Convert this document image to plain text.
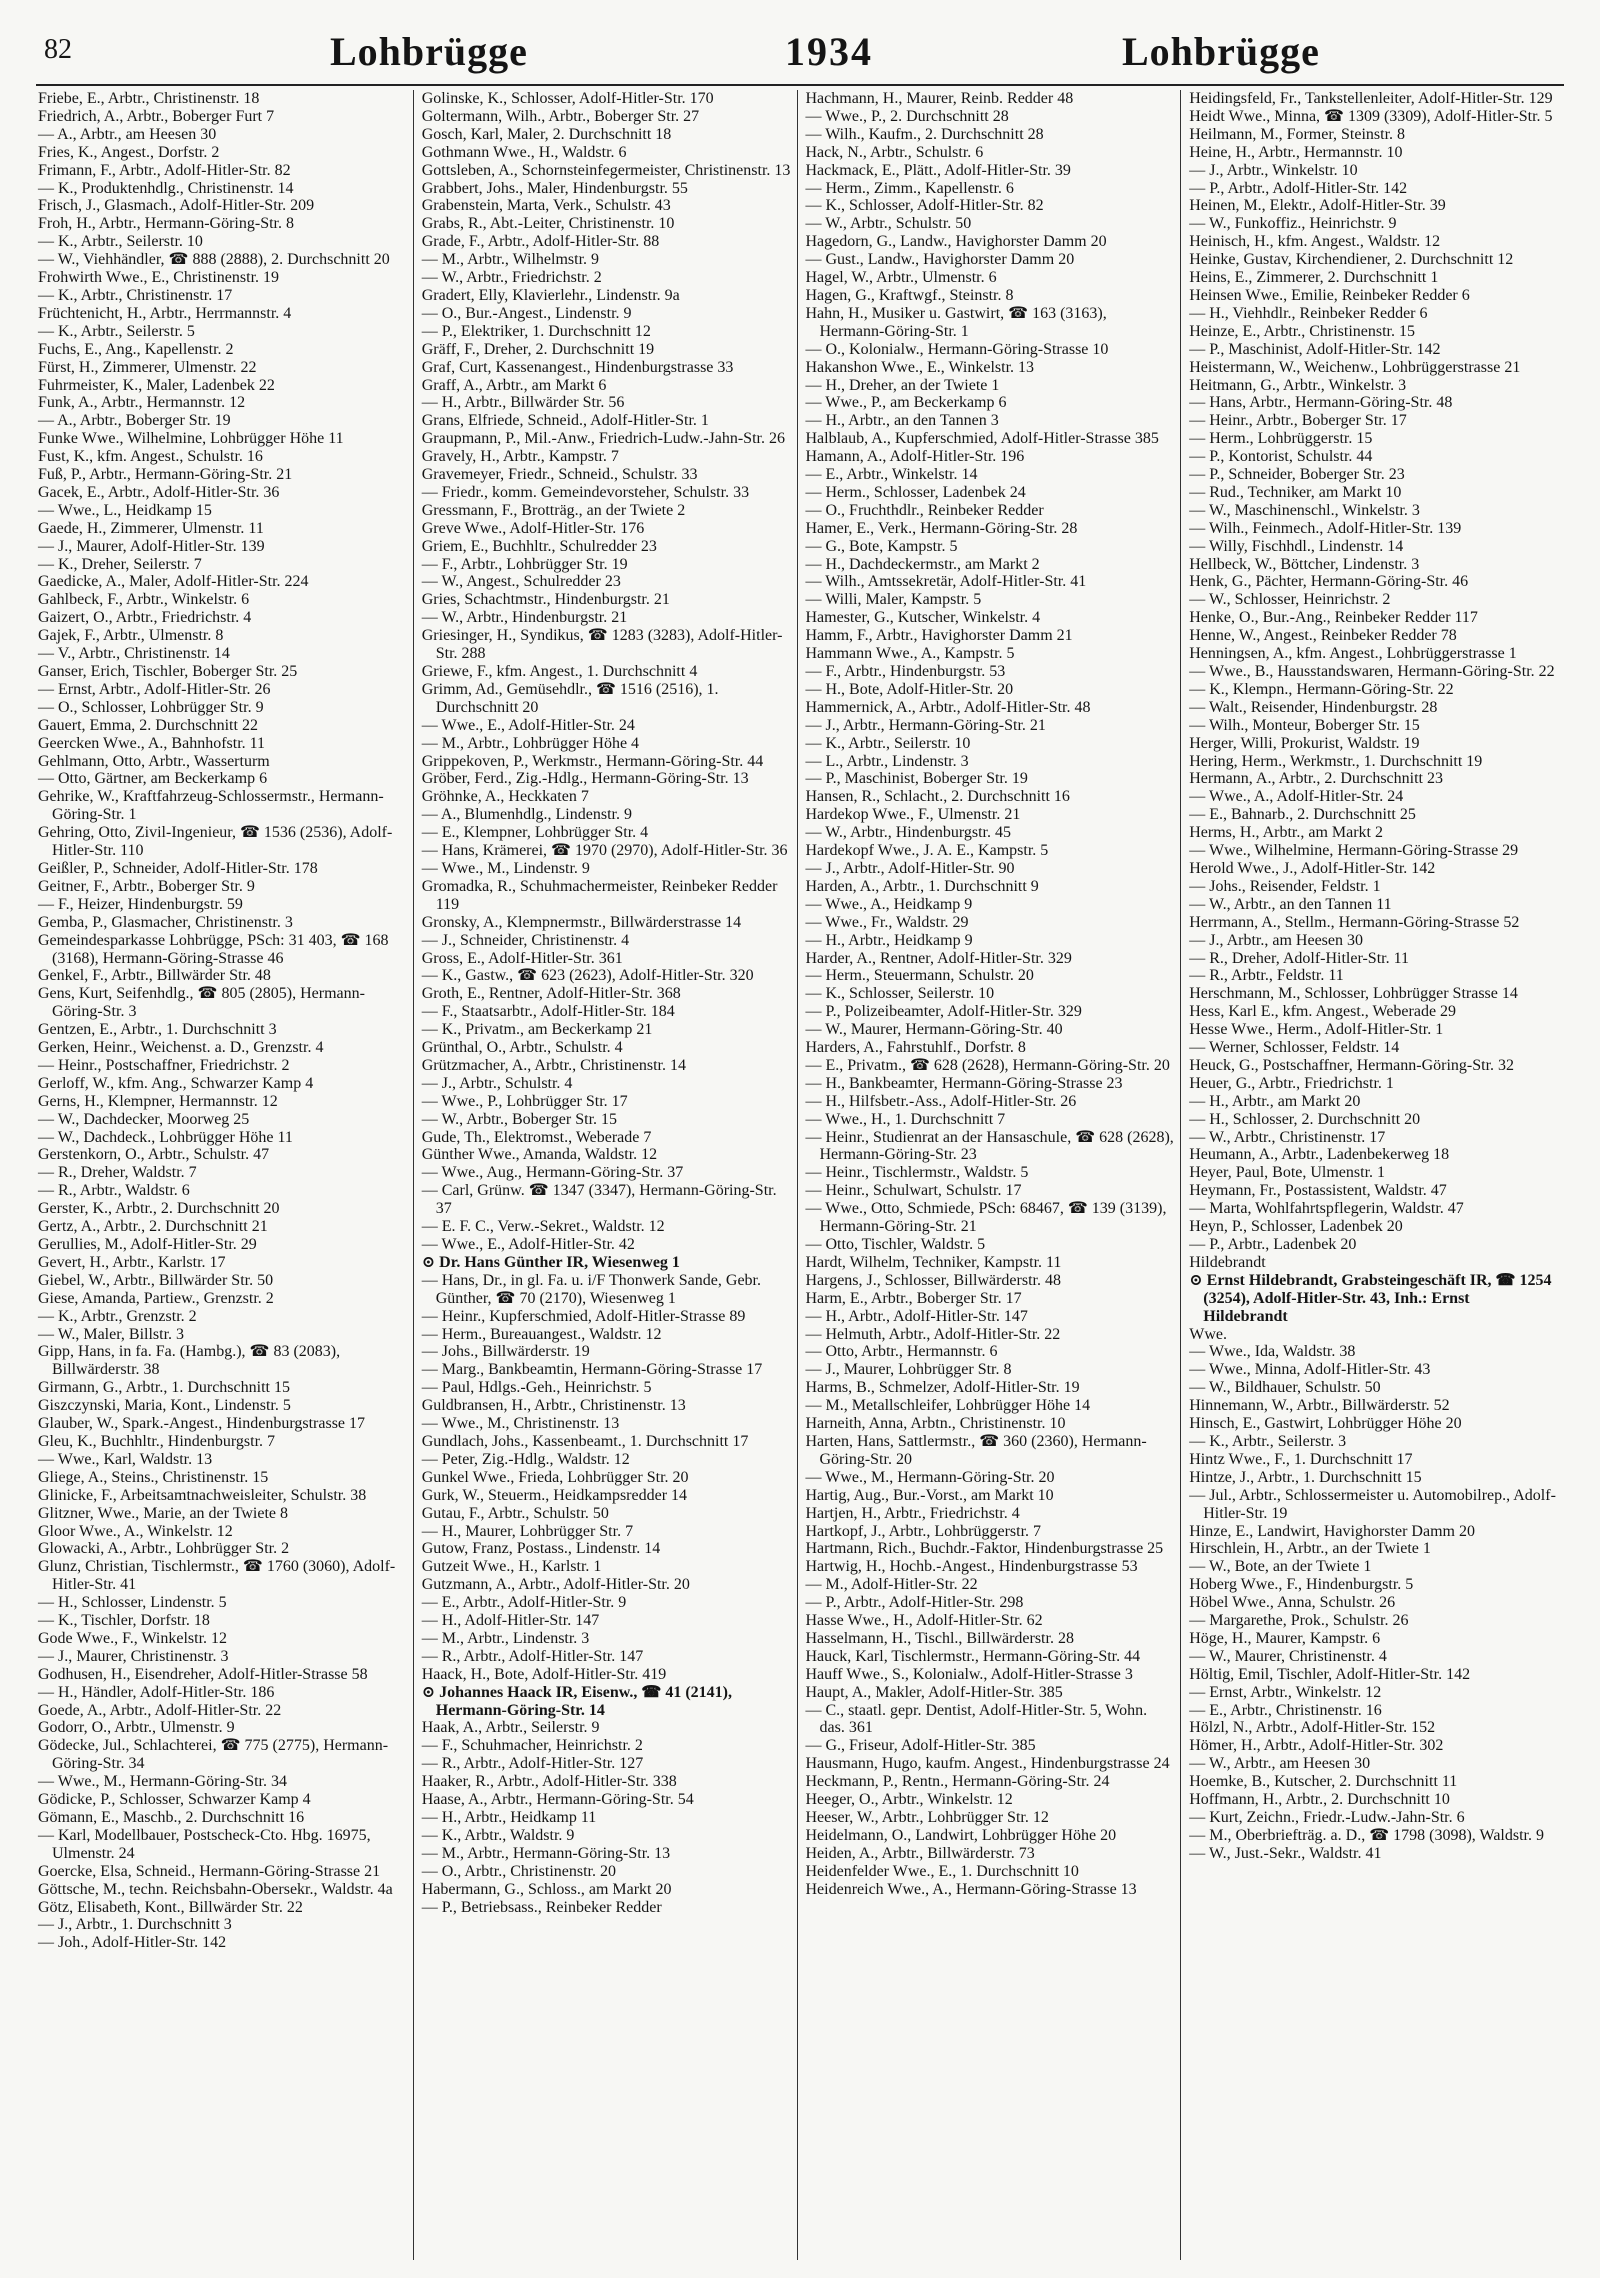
82	Lohbrügge	1934	Lohbrügge

Friebe, E., Arbtr., Christinenstr. 18

Friedrich, A., Arbtr., Boberger Furt 7

— A., Arbtr., am Heesen 30

Fries, K., Angest., Dorfstr. 2

Frimann, F., Arbtr., Adolf-Hitler-Str. 82

— K., Produktenhdlg., Christinenstr. 14

Frisch, J., Glasmach., Adolf-Hitler-Str. 209

Froh, H., Arbtr., Hermann-Göring-Str. 8

— K., Arbtr., Seilerstr. 10

— W., Viehhändler, ☎ 888 (2888), 2. Durchschnitt 20

Frohwirth Wwe., E., Christinenstr. 19

— K., Arbtr., Christinenstr. 17

Früchtenicht, H., Arbtr., Herrmannstr. 4

— K., Arbtr., Seilerstr. 5

Fuchs, E., Ang., Kapellenstr. 2

Fürst, H., Zimmerer, Ulmenstr. 22

Fuhrmeister, K., Maler, Ladenbek 22

Funk, A., Arbtr., Hermannstr. 12

— A., Arbtr., Boberger Str. 19

Funke Wwe., Wilhelmine, Lohbrügger Höhe 11

Fust, K., kfm. Angest., Schulstr. 16

Fuß, P., Arbtr., Hermann-Göring-Str. 21

Gacek, E., Arbtr., Adolf-Hitler-Str. 36

— Wwe., L., Heidkamp 15

Gaede, H., Zimmerer, Ulmenstr. 11

— J., Maurer, Adolf-Hitler-Str. 139

— K., Dreher, Seilerstr. 7

Gaedicke, A., Maler, Adolf-Hitler-Str. 224

Gahlbeck, F., Arbtr., Winkelstr. 6

Gaizert, O., Arbtr., Friedrichstr. 4

Gajek, F., Arbtr., Ulmenstr. 8

— V., Arbtr., Christinenstr. 14

Ganser, Erich, Tischler, Boberger Str. 25

— Ernst, Arbtr., Adolf-Hitler-Str. 26

— O., Schlosser, Lohbrügger Str. 9

Gauert, Emma, 2. Durchschnitt 22

Geercken Wwe., A., Bahnhofstr. 11

Gehlmann, Otto, Arbtr., Wasserturm

— Otto, Gärtner, am Beckerkamp 6

Gehrike, W., Kraftfahrzeug-Schlossermstr., Hermann-Göring-Str. 1

Gehring, Otto, Zivil-Ingenieur, ☎ 1536 (2536), Adolf-Hitler-Str. 110

Geißler, P., Schneider, Adolf-Hitler-Str. 178

Geitner, F., Arbtr., Boberger Str. 9

— F., Heizer, Hindenburgstr. 59

Gemba, P., Glasmacher, Christinenstr. 3

Gemeindesparkasse Lohbrügge, PSch: 31 403, ☎ 168 (3168), Hermann-Göring-Strasse 46

Genkel, F., Arbtr., Billwärder Str. 48

Gens, Kurt, Seifenhdlg., ☎ 805 (2805), Hermann-Göring-Str. 3

Gentzen, E., Arbtr., 1. Durchschnitt 3

Gerken, Heinr., Weichenst. a. D., Grenzstr. 4

— Heinr., Postschaffner, Friedrichstr. 2

Gerloff, W., kfm. Ang., Schwarzer Kamp 4

Gerns, H., Klempner, Hermannstr. 12

— W., Dachdecker, Moorweg 25

— W., Dachdeck., Lohbrügger Höhe 11

Gerstenkorn, O., Arbtr., Schulstr. 47

— R., Dreher, Waldstr. 7

— R., Arbtr., Waldstr. 6

Gerster, K., Arbtr., 2. Durchschnitt 20

Gertz, A., Arbtr., 2. Durchschnitt 21

Gerullies, M., Adolf-Hitler-Str. 29

Gevert, H., Arbtr., Karlstr. 17

Giebel, W., Arbtr., Billwärder Str. 50

Giese, Amanda, Partiew., Grenzstr. 2

— K., Arbtr., Grenzstr. 2

— W., Maler, Billstr. 3

Gipp, Hans, in fa. Fa. (Hambg.), ☎ 83 (2083), Billwärderstr. 38

Girmann, G., Arbtr., 1. Durchschnitt 15

Giszczynski, Maria, Kont., Lindenstr. 5

Glauber, W., Spark.-Angest., Hindenburgstrasse 17

Gleu, K., Buchhltr., Hindenburgstr. 7

— Wwe., Karl, Waldstr. 13

Gliege, A., Steins., Christinenstr. 15

Glinicke, F., Arbeitsamtnachweisleiter, Schulstr. 38

Glitzner, Wwe., Marie, an der Twiete 8

Gloor Wwe., A., Winkelstr. 12

Glowacki, A., Arbtr., Lohbrügger Str. 2

Glunz, Christian, Tischlermstr., ☎ 1760 (3060), Adolf-Hitler-Str. 41

— H., Schlosser, Lindenstr. 5

— K., Tischler, Dorfstr. 18

Gode Wwe., F., Winkelstr. 12

— J., Maurer, Christinenstr. 3

Godhusen, H., Eisendreher, Adolf-Hitler-Strasse 58

— H., Händler, Adolf-Hitler-Str. 186

Goede, A., Arbtr., Adolf-Hitler-Str. 22

Godorr, O., Arbtr., Ulmenstr. 9

Gödecke, Jul., Schlachterei, ☎ 775 (2775), Hermann-Göring-Str. 34

— Wwe., M., Hermann-Göring-Str. 34

Gödicke, P., Schlosser, Schwarzer Kamp 4

Gömann, E., Maschb., 2. Durchschnitt 16

— Karl, Modellbauer, Postscheck-Cto. Hbg. 16975, Ulmenstr. 24

Goercke, Elsa, Schneid., Hermann-Göring-Strasse 21

Göttsche, M., techn. Reichsbahn-Obersekr., Waldstr. 4a

Götz, Elisabeth, Kont., Billwärder Str. 22

— J., Arbtr., 1. Durchschnitt 3

— Joh., Adolf-Hitler-Str. 142

Golinske, K., Schlosser, Adolf-Hitler-Str. 170

Goltermann, Wilh., Arbtr., Boberger Str. 27

Gosch, Karl, Maler, 2. Durchschnitt 18

Gothmann Wwe., H., Waldstr. 6

Gottsleben, A., Schornsteinfegermeister, Christinenstr. 13

Grabbert, Johs., Maler, Hindenburgstr. 55

Grabenstein, Marta, Verk., Schulstr. 43

Grabs, R., Abt.-Leiter, Christinenstr. 10

Grade, F., Arbtr., Adolf-Hitler-Str. 88

— M., Arbtr., Wilhelmstr. 9

— W., Arbtr., Friedrichstr. 2

Gradert, Elly, Klavierlehr., Lindenstr. 9a

— O., Bur.-Angest., Lindenstr. 9

— P., Elektriker, 1. Durchschnitt 12

Gräff, F., Dreher, 2. Durchschnitt 19

Graf, Curt, Kassenangest., Hindenburgstrasse 33

Graff, A., Arbtr., am Markt 6

— H., Arbtr., Billwärder Str. 56

Grans, Elfriede, Schneid., Adolf-Hitler-Str. 1

Graupmann, P., Mil.-Anw., Friedrich-Ludw.-Jahn-Str. 26

Gravely, H., Arbtr., Kampstr. 7

Gravemeyer, Friedr., Schneid., Schulstr. 33

— Friedr., komm. Gemeindevorsteher, Schulstr. 33

Gressmann, F., Brotträg., an der Twiete 2

Greve Wwe., Adolf-Hitler-Str. 176

Griem, E., Buchhltr., Schulredder 23

— F., Arbtr., Lohbrügger Str. 19

— W., Angest., Schulredder 23

Gries, Schachtmstr., Hindenburgstr. 21

— W., Arbtr., Hindenburgstr. 21

Griesinger, H., Syndikus, ☎ 1283 (3283), Adolf-Hitler-Str. 288

Griewe, F., kfm. Angest., 1. Durchschnitt 4

Grimm, Ad., Gemüsehdlr., ☎ 1516 (2516), 1. Durchschnitt 20

— Wwe., E., Adolf-Hitler-Str. 24

— M., Arbtr., Lohbrügger Höhe 4

Grippekoven, P., Werkmstr., Hermann-Göring-Str. 44

Gröber, Ferd., Zig.-Hdlg., Hermann-Göring-Str. 13

Gröhnke, A., Heckkaten 7

— A., Blumenhdlg., Lindenstr. 9

— E., Klempner, Lohbrügger Str. 4

— Hans, Krämerei, ☎ 1970 (2970), Adolf-Hitler-Str. 36

— Wwe., M., Lindenstr. 9

Gromadka, R., Schuhmachermeister, Reinbeker Redder 119

Gronsky, A., Klempnermstr., Billwärderstrasse 14

— J., Schneider, Christinenstr. 4

Gross, E., Adolf-Hitler-Str. 361

— K., Gastw., ☎ 623 (2623), Adolf-Hitler-Str. 320

Groth, E., Rentner, Adolf-Hitler-Str. 368

— F., Staatsarbtr., Adolf-Hitler-Str. 184

— K., Privatm., am Beckerkamp 21

Grünthal, O., Arbtr., Schulstr. 4

Grützmacher, A., Arbtr., Christinenstr. 14

— J., Arbtr., Schulstr. 4

— Wwe., P., Lohbrügger Str. 17

— W., Arbtr., Boberger Str. 15

Gude, Th., Elektromst., Weberade 7

Günther Wwe., Amanda, Waldstr. 12

— Wwe., Aug., Hermann-Göring-Str. 37

— Carl, Grünw. ☎ 1347 (3347), Hermann-Göring-Str. 37

— E. F. C., Verw.-Sekret., Waldstr. 12

— Wwe., E., Adolf-Hitler-Str. 42

⊙ Dr. Hans Günther IR, Wiesenweg 1

— Hans, Dr., in gl. Fa. u. i/F Thonwerk Sande, Gebr. Günther, ☎ 70 (2170), Wiesenweg 1

— Heinr., Kupferschmied, Adolf-Hitler-Strasse 89

— Herm., Bureauangest., Waldstr. 12

— Johs., Billwärderstr. 19

— Marg., Bankbeamtin, Hermann-Göring-Strasse 17

— Paul, Hdlgs.-Geh., Heinrichstr. 5

Guldbransen, H., Arbtr., Christinenstr. 13

— Wwe., M., Christinenstr. 13

Gundlach, Johs., Kassenbeamt., 1. Durchschnitt 17

— Peter, Zig.-Hdlg., Waldstr. 12

Gunkel Wwe., Frieda, Lohbrügger Str. 20

Gurk, W., Steuerm., Heidkampsredder 14

Gutau, F., Arbtr., Schulstr. 50

— H., Maurer, Lohbrügger Str. 7

Gutow, Franz, Postass., Lindenstr. 14

Gutzeit Wwe., H., Karlstr. 1

Gutzmann, A., Arbtr., Adolf-Hitler-Str. 20

— E., Arbtr., Adolf-Hitler-Str. 9

— H., Adolf-Hitler-Str. 147

— M., Arbtr., Lindenstr. 3

— R., Arbtr., Adolf-Hitler-Str. 147

Haack, H., Bote, Adolf-Hitler-Str. 419

⊙ Johannes Haack IR, Eisenw., ☎ 41 (2141), Hermann-Göring-Str. 14

Haak, A., Arbtr., Seilerstr. 9

— F., Schuhmacher, Heinrichstr. 2

— R., Arbtr., Adolf-Hitler-Str. 127

Haaker, R., Arbtr., Adolf-Hitler-Str. 338

Haase, A., Arbtr., Hermann-Göring-Str. 54

— H., Arbtr., Heidkamp 11

— K., Arbtr., Waldstr. 9

— M., Arbtr., Hermann-Göring-Str. 13

— O., Arbtr., Christinenstr. 20

Habermann, G., Schloss., am Markt 20

— P., Betriebsass., Reinbeker Redder

Hachmann, H., Maurer, Reinb. Redder 48

— Wwe., P., 2. Durchschnitt 28

— Wilh., Kaufm., 2. Durchschnitt 28

Hack, N., Arbtr., Schulstr. 6

Hackmack, E., Plätt., Adolf-Hitler-Str. 39

— Herm., Zimm., Kapellenstr. 6

— K., Schlosser, Adolf-Hitler-Str. 82

— W., Arbtr., Schulstr. 50

Hagedorn, G., Landw., Havighorster Damm 20

— Gust., Landw., Havighorster Damm 20

Hagel, W., Arbtr., Ulmenstr. 6

Hagen, G., Kraftwgf., Steinstr. 8

Hahn, H., Musiker u. Gastwirt, ☎ 163 (3163), Hermann-Göring-Str. 1

— O., Kolonialw., Hermann-Göring-Strasse 10

Hakanshon Wwe., E., Winkelstr. 13

— H., Dreher, an der Twiete 1

— Wwe., P., am Beckerkamp 6

— H., Arbtr., an den Tannen 3

Halblaub, A., Kupferschmied, Adolf-Hitler-Strasse 385

Hamann, A., Adolf-Hitler-Str. 196

— E., Arbtr., Winkelstr. 14

— Herm., Schlosser, Ladenbek 24

— O., Fruchthdlr., Reinbeker Redder

Hamer, E., Verk., Hermann-Göring-Str. 28

— G., Bote, Kampstr. 5

— H., Dachdeckermstr., am Markt 2

— Wilh., Amtssekretär, Adolf-Hitler-Str. 41

— Willi, Maler, Kampstr. 5

Hamester, G., Kutscher, Winkelstr. 4

Hamm, F., Arbtr., Havighorster Damm 21

Hammann Wwe., A., Kampstr. 5

— F., Arbtr., Hindenburgstr. 53

— H., Bote, Adolf-Hitler-Str. 20

Hammernick, A., Arbtr., Adolf-Hitler-Str. 48

— J., Arbtr., Hermann-Göring-Str. 21

— K., Arbtr., Seilerstr. 10

— L., Arbtr., Lindenstr. 3

— P., Maschinist, Boberger Str. 19

Hansen, R., Schlacht., 2. Durchschnitt 16

Hardekop Wwe., F., Ulmenstr. 21

— W., Arbtr., Hindenburgstr. 45

Hardekopf Wwe., J. A. E., Kampstr. 5

— J., Arbtr., Adolf-Hitler-Str. 90

Harden, A., Arbtr., 1. Durchschnitt 9

— Wwe., A., Heidkamp 9

— Wwe., Fr., Waldstr. 29

— H., Arbtr., Heidkamp 9

Harder, A., Rentner, Adolf-Hitler-Str. 329

— Herm., Steuermann, Schulstr. 20

— K., Schlosser, Seilerstr. 10

— P., Polizeibeamter, Adolf-Hitler-Str. 329

— W., Maurer, Hermann-Göring-Str. 40

Harders, A., Fahrstuhlf., Dorfstr. 8

— E., Privatm., ☎ 628 (2628), Hermann-Göring-Str. 20

— H., Bankbeamter, Hermann-Göring-Strasse 23

— H., Hilfsbetr.-Ass., Adolf-Hitler-Str. 26

— Wwe., H., 1. Durchschnitt 7

— Heinr., Studienrat an der Hansaschule, ☎ 628 (2628), Hermann-Göring-Str. 23

— Heinr., Tischlermstr., Waldstr. 5

— Heinr., Schulwart, Schulstr. 17

— Wwe., Otto, Schmiede, PSch: 68467, ☎ 139 (3139), Hermann-Göring-Str. 21

— Otto, Tischler, Waldstr. 5

Hardt, Wilhelm, Techniker, Kampstr. 11

Hargens, J., Schlosser, Billwärderstr. 48

Harm, E., Arbtr., Boberger Str. 17

— H., Arbtr., Adolf-Hitler-Str. 147

— Helmuth, Arbtr., Adolf-Hitler-Str. 22

— Otto, Arbtr., Hermannstr. 6

— J., Maurer, Lohbrügger Str. 8

Harms, B., Schmelzer, Adolf-Hitler-Str. 19

— M., Metallschleifer, Lohbrügger Höhe 14

Harneith, Anna, Arbtn., Christinenstr. 10

Harten, Hans, Sattlermstr., ☎ 360 (2360), Hermann-Göring-Str. 20

— Wwe., M., Hermann-Göring-Str. 20

Hartig, Aug., Bur.-Vorst., am Markt 10

Hartjen, H., Arbtr., Friedrichstr. 4

Hartkopf, J., Arbtr., Lohbrüggerstr. 7

Hartmann, Rich., Buchdr.-Faktor, Hindenburgstrasse 25

Hartwig, H., Hochb.-Angest., Hindenburgstrasse 53

— M., Adolf-Hitler-Str. 22

— P., Arbtr., Adolf-Hitler-Str. 298

Hasse Wwe., H., Adolf-Hitler-Str. 62

Hasselmann, H., Tischl., Billwärderstr. 28

Hauck, Karl, Tischlermstr., Hermann-Göring-Str. 44

Hauff Wwe., S., Kolonialw., Adolf-Hitler-Strasse 3

Haupt, A., Makler, Adolf-Hitler-Str. 385

— C., staatl. gepr. Dentist, Adolf-Hitler-Str. 5, Wohn. das. 361

— G., Friseur, Adolf-Hitler-Str. 385

Hausmann, Hugo, kaufm. Angest., Hindenburgstrasse 24

Heckmann, P., Rentn., Hermann-Göring-Str. 24

Heeger, O., Arbtr., Winkelstr. 12

Heeser, W., Arbtr., Lohbrügger Str. 12

Heidelmann, O., Landwirt, Lohbrügger Höhe 20

Heiden, A., Arbtr., Billwärderstr. 73

Heidenfelder Wwe., E., 1. Durchschnitt 10

Heidenreich Wwe., A., Hermann-Göring-Strasse 13

Heidingsfeld, Fr., Tankstellenleiter, Adolf-Hitler-Str. 129

Heidt Wwe., Minna, ☎ 1309 (3309), Adolf-Hitler-Str. 5

Heilmann, M., Former, Steinstr. 8

Heine, H., Arbtr., Hermannstr. 10

— J., Arbtr., Winkelstr. 10

— P., Arbtr., Adolf-Hitler-Str. 142

Heinen, M., Elektr., Adolf-Hitler-Str. 39

— W., Funkoffiz., Heinrichstr. 9

Heinisch, H., kfm. Angest., Waldstr. 12

Heinke, Gustav, Kirchendiener, 2. Durchschnitt 12

Heins, E., Zimmerer, 2. Durchschnitt 1

Heinsen Wwe., Emilie, Reinbeker Redder 6

— H., Viehhdlr., Reinbeker Redder 6

Heinze, E., Arbtr., Christinenstr. 15

— P., Maschinist, Adolf-Hitler-Str. 142

Heistermann, W., Weichenw., Lohbrüggerstrasse 21

Heitmann, G., Arbtr., Winkelstr. 3

— Hans, Arbtr., Hermann-Göring-Str. 48

— Heinr., Arbtr., Boberger Str. 17

— Herm., Lohbrüggerstr. 15

— P., Kontorist, Schulstr. 44

— P., Schneider, Boberger Str. 23

— Rud., Techniker, am Markt 10

— W., Maschinenschl., Winkelstr. 3

— Wilh., Feinmech., Adolf-Hitler-Str. 139

— Willy, Fischhdl., Lindenstr. 14

Hellbeck, W., Böttcher, Lindenstr. 3

Henk, G., Pächter, Hermann-Göring-Str. 46

— W., Schlosser, Heinrichstr. 2

Henke, O., Bur.-Ang., Reinbeker Redder 117

Henne, W., Angest., Reinbeker Redder 78

Henningsen, A., kfm. Angest., Lohbrüggerstrasse 1

— Wwe., B., Hausstandswaren, Hermann-Göring-Str. 22

— K., Klempn., Hermann-Göring-Str. 22

— Walt., Reisender, Hindenburgstr. 28

— Wilh., Monteur, Boberger Str. 15

Herger, Willi, Prokurist, Waldstr. 19

Hering, Herm., Werkmstr., 1. Durchschnitt 19

Hermann, A., Arbtr., 2. Durchschnitt 23

— Wwe., A., Adolf-Hitler-Str. 24

— E., Bahnarb., 2. Durchschnitt 25

Herms, H., Arbtr., am Markt 2

— Wwe., Wilhelmine, Hermann-Göring-Strasse 29

Herold Wwe., J., Adolf-Hitler-Str. 142

— Johs., Reisender, Feldstr. 1

— W., Arbtr., an den Tannen 11

Herrmann, A., Stellm., Hermann-Göring-Strasse 52

— J., Arbtr., am Heesen 30

— R., Dreher, Adolf-Hitler-Str. 11

— R., Arbtr., Feldstr. 11

Herschmann, M., Schlosser, Lohbrügger Strasse 14

Hess, Karl E., kfm. Angest., Weberade 29

Hesse Wwe., Herm., Adolf-Hitler-Str. 1

— Werner, Schlosser, Feldstr. 14

Heuck, G., Postschaffner, Hermann-Göring-Str. 32

Heuer, G., Arbtr., Friedrichstr. 1

— H., Arbtr., am Markt 20

— H., Schlosser, 2. Durchschnitt 20

— W., Arbtr., Christinenstr. 17

Heumann, A., Arbtr., Ladenbekerweg 18

Heyer, Paul, Bote, Ulmenstr. 1

Heymann, Fr., Postassistent, Waldstr. 47

— Marta, Wohlfahrtspflegerin, Waldstr. 47

Heyn, P., Schlosser, Ladenbek 20

— P., Arbtr., Ladenbek 20

Hildebrandt

⊙ Ernst Hildebrandt, Grabsteingeschäft IR, ☎ 1254 (3254), Adolf-Hitler-Str. 43, Inh.: Ernst Hildebrandt

Wwe.

— Wwe., Ida, Waldstr. 38

— Wwe., Minna, Adolf-Hitler-Str. 43

— W., Bildhauer, Schulstr. 50

Hinnemann, W., Arbtr., Billwärderstr. 52

Hinsch, E., Gastwirt, Lohbrügger Höhe 20

— K., Arbtr., Seilerstr. 3

Hintz Wwe., F., 1. Durchschnitt 17

Hintze, J., Arbtr., 1. Durchschnitt 15

— Jul., Arbtr., Schlossermeister u. Automobilrep., Adolf-Hitler-Str. 19

Hinze, E., Landwirt, Havighorster Damm 20

Hirschlein, H., Arbtr., an der Twiete 1

— W., Bote, an der Twiete 1

Hoberg Wwe., F., Hindenburgstr. 5

Höbel Wwe., Anna, Schulstr. 26

— Margarethe, Prok., Schulstr. 26

Höge, H., Maurer, Kampstr. 6

— W., Maurer, Christinenstr. 4

Höltig, Emil, Tischler, Adolf-Hitler-Str. 142

— Ernst, Arbtr., Winkelstr. 12

— E., Arbtr., Christinenstr. 16

Hölzl, N., Arbtr., Adolf-Hitler-Str. 152

Hömer, H., Arbtr., Adolf-Hitler-Str. 302

— W., Arbtr., am Heesen 30

Hoemke, B., Kutscher, 2. Durchschnitt 11

Hoffmann, H., Arbtr., 2. Durchschnitt 10

— Kurt, Zeichn., Friedr.-Ludw.-Jahn-Str. 6

— M., Oberbriefträg. a. D., ☎ 1798 (3098), Waldstr. 9

— W., Just.-Sekr., Waldstr. 41
